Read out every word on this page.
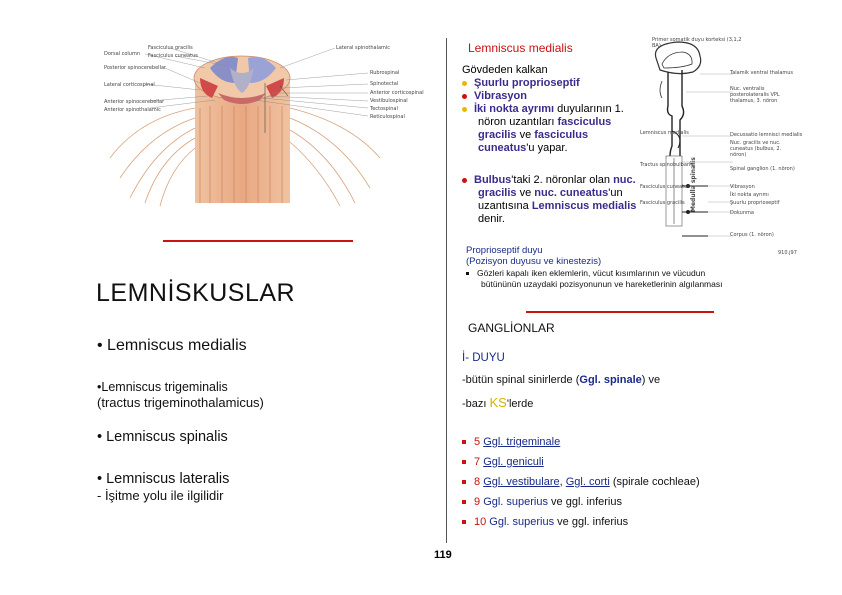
Dorsal column
Fasciculus gracilis
Fasciculus cuneatus
Posterior spinocerebellar
Lateral corticospinal
Anterior spinocerebellar
Anterior spinothalamic
Lateral spinothalamic
Rubrospinal
Spinotectal
Anterior corticospinal
Vestibulospinal
Tectospinal
Reticulospinal
LEMNİSKUSLAR
• Lemniscus medialis
•Lemniscus trigeminalis
(tractus trigeminothalamicus)
• Lemniscus spinalis
• Lemniscus lateralis
- İşitme yolu ile ilgilidir
Lemniscus medialis
Gövdeden kalkan
Şuurlu proprioseptif
Vibrasyon
İki nokta ayrımı duyularının 1.
nöron uzantıları fasciculus
gracilis ve fasciculus
cuneatus'u yapar.
Bulbus'taki 2. nöronlar olan nuc.
gracilis ve nuc. cuneatus'un
uzantısına Lemniscus medialis
denir.
Primer somatik duyu korteksi (3,1,2 BA)
Medulla spinalis
Talamik ventral thalamus
Nuc. ventralis posterolateralis VPL thalamus, 3. nöron
Lemniscus medialis	Decussatio lemnisci medialis
Nuc. gracilis ve nuc. cuneatus (bulbus, 2. nöron)
Tractus spinobulbaris
Fasciculus cuneatus
Fasciculus gracilis
Spinal ganglion (1. nöron)
Vibrasyon
İki nokta ayrımı
Şuurlu proprioseptif
Dokunma
Corpus (1. nöron)
910.j97
Proprioseptif duyu
(Pozisyon duyusu ve kinestezis)
Gözleri kapalı iken eklemlerin, vücut kısımlarının ve vücudun
bütününün uzaydaki pozisyonunun ve hareketlerinin algılanması
GANGLİONLAR
İ- DUYU
-bütün spinal sinirlerde (Ggl. spinale) ve
-bazı KS'lerde
5 Ggl. trigeminale
7 Ggl. geniculi
8 Ggl. vestibulare, Ggl. corti (spirale cochleae)
9 Ggl. superius ve ggl. inferius
10 Ggl. superius ve ggl. inferius
119
